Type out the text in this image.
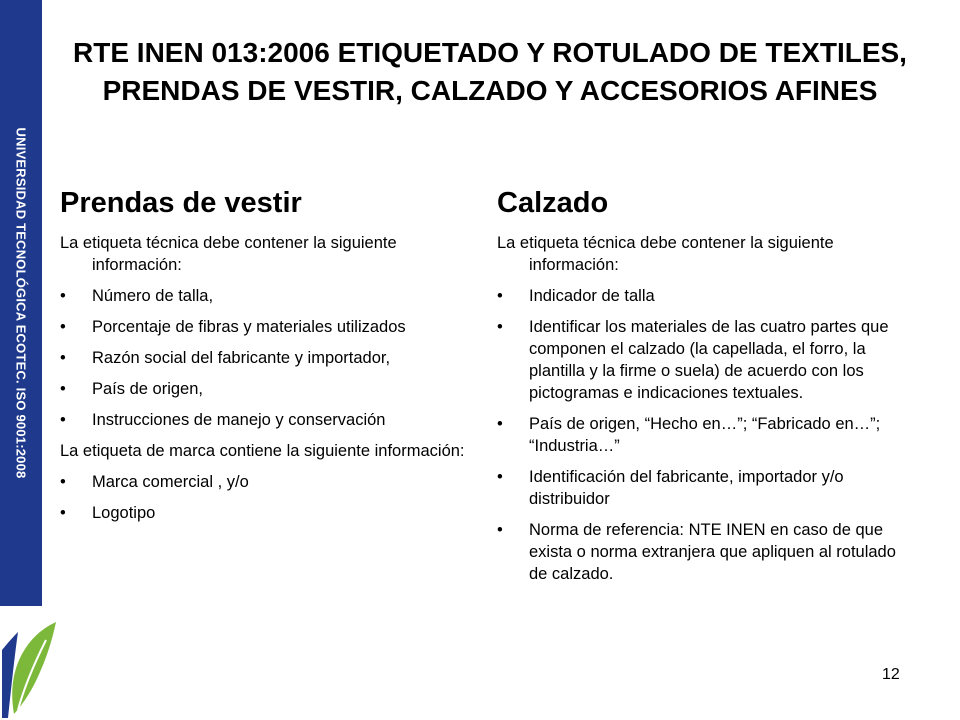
UNIVERSIDAD TECNOLÓGICA ECOTEC. ISO 9001:2008
RTE INEN 013:2006 ETIQUETADO Y ROTULADO DE TEXTILES, PRENDAS DE VESTIR, CALZADO Y ACCESORIOS AFINES
Prendas de vestir

La etiqueta técnica debe contener la siguiente información:

• Número de talla,
• Porcentaje de fibras y materiales utilizados
• Razón social del fabricante y importador,
• País de origen,
• Instrucciones de manejo y conservación

La etiqueta de marca contiene la siguiente información:

• Marca comercial , y/o
• Logotipo
Calzado

La etiqueta técnica debe contener la siguiente información:

• Indicador de talla
• Identificar los materiales de las cuatro partes que componen el calzado (la capellada, el forro, la plantilla y la firme o suela) de acuerdo con los pictogramas e indicaciones textuales.
• País de origen, “Hecho en…”; “Fabricado en…”; “Industria…”
• Identificación del fabricante, importador y/o distribuidor
• Norma de referencia: NTE INEN en caso de que exista o norma extranjera que apliquen al rotulado de calzado.
12
